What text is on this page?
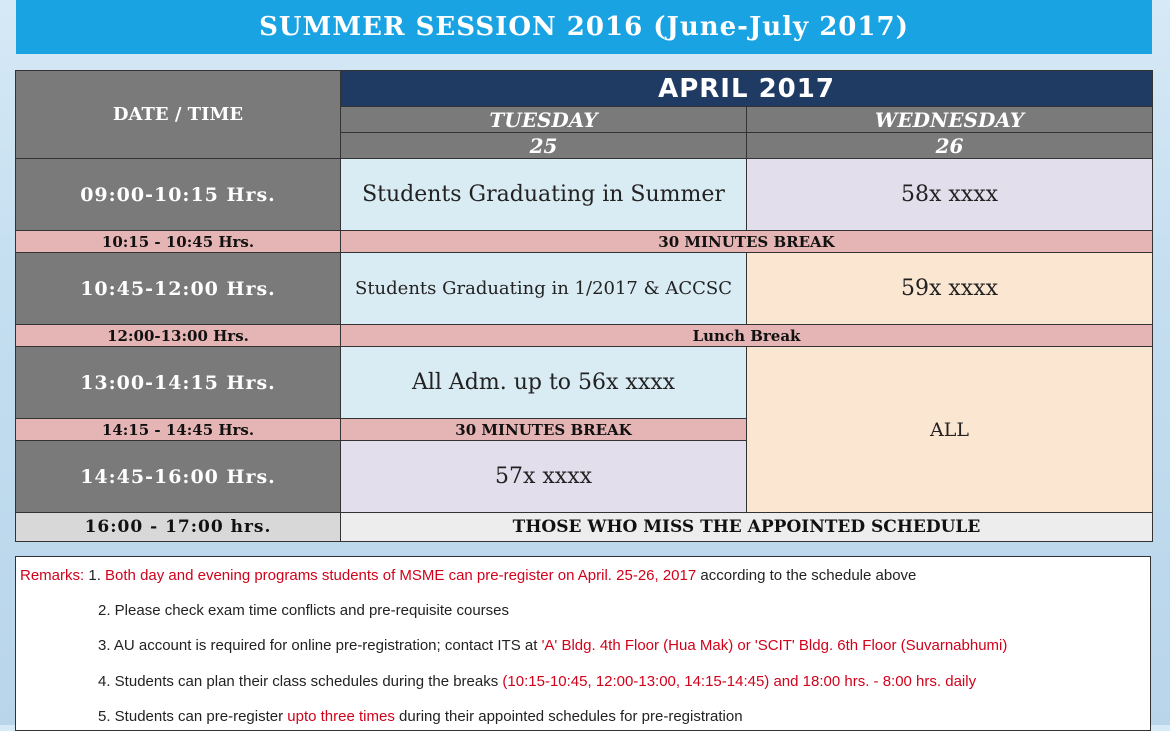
SUMMER SESSION 2016 (June-July 2017)
DATE / TIME	APRIL 2017	
	TUESDAY	WEDNESDAY
	25	26
09:00-10:15 Hrs.	Students Graduating in Summer	58x xxxx
10:15 - 10:45 Hrs.	30 MINUTES BREAK	
10:45-12:00 Hrs.	Students Graduating in 1/2017 & ACCSC	59x xxxx
12:00-13:00 Hrs.	Lunch Break	
13:00-14:15 Hrs.	All Adm. up to 56x xxxx	ALL
14:15 - 14:45 Hrs.	30 MINUTES BREAK	
14:45-16:00 Hrs.	57x xxxx	
16:00 - 17:00 hrs.	THOSE WHO MISS THE APPOINTED SCHEDULE	
Remarks: 1. Both day and evening programs students of MSME can pre-register on April. 25-26, 2017 according to the schedule above
2. Please check exam time conflicts and pre-requisite courses
3. AU account is required for online pre-registration; contact ITS at 'A' Bldg. 4th Floor (Hua Mak) or 'SCIT' Bldg. 6th Floor (Suvarnabhumi)
4. Students can plan their class schedules during the breaks (10:15-10:45, 12:00-13:00, 14:15-14:45) and 18:00 hrs. - 8:00 hrs. daily
5. Students can pre-register upto three times during their appointed schedules for pre-registration
